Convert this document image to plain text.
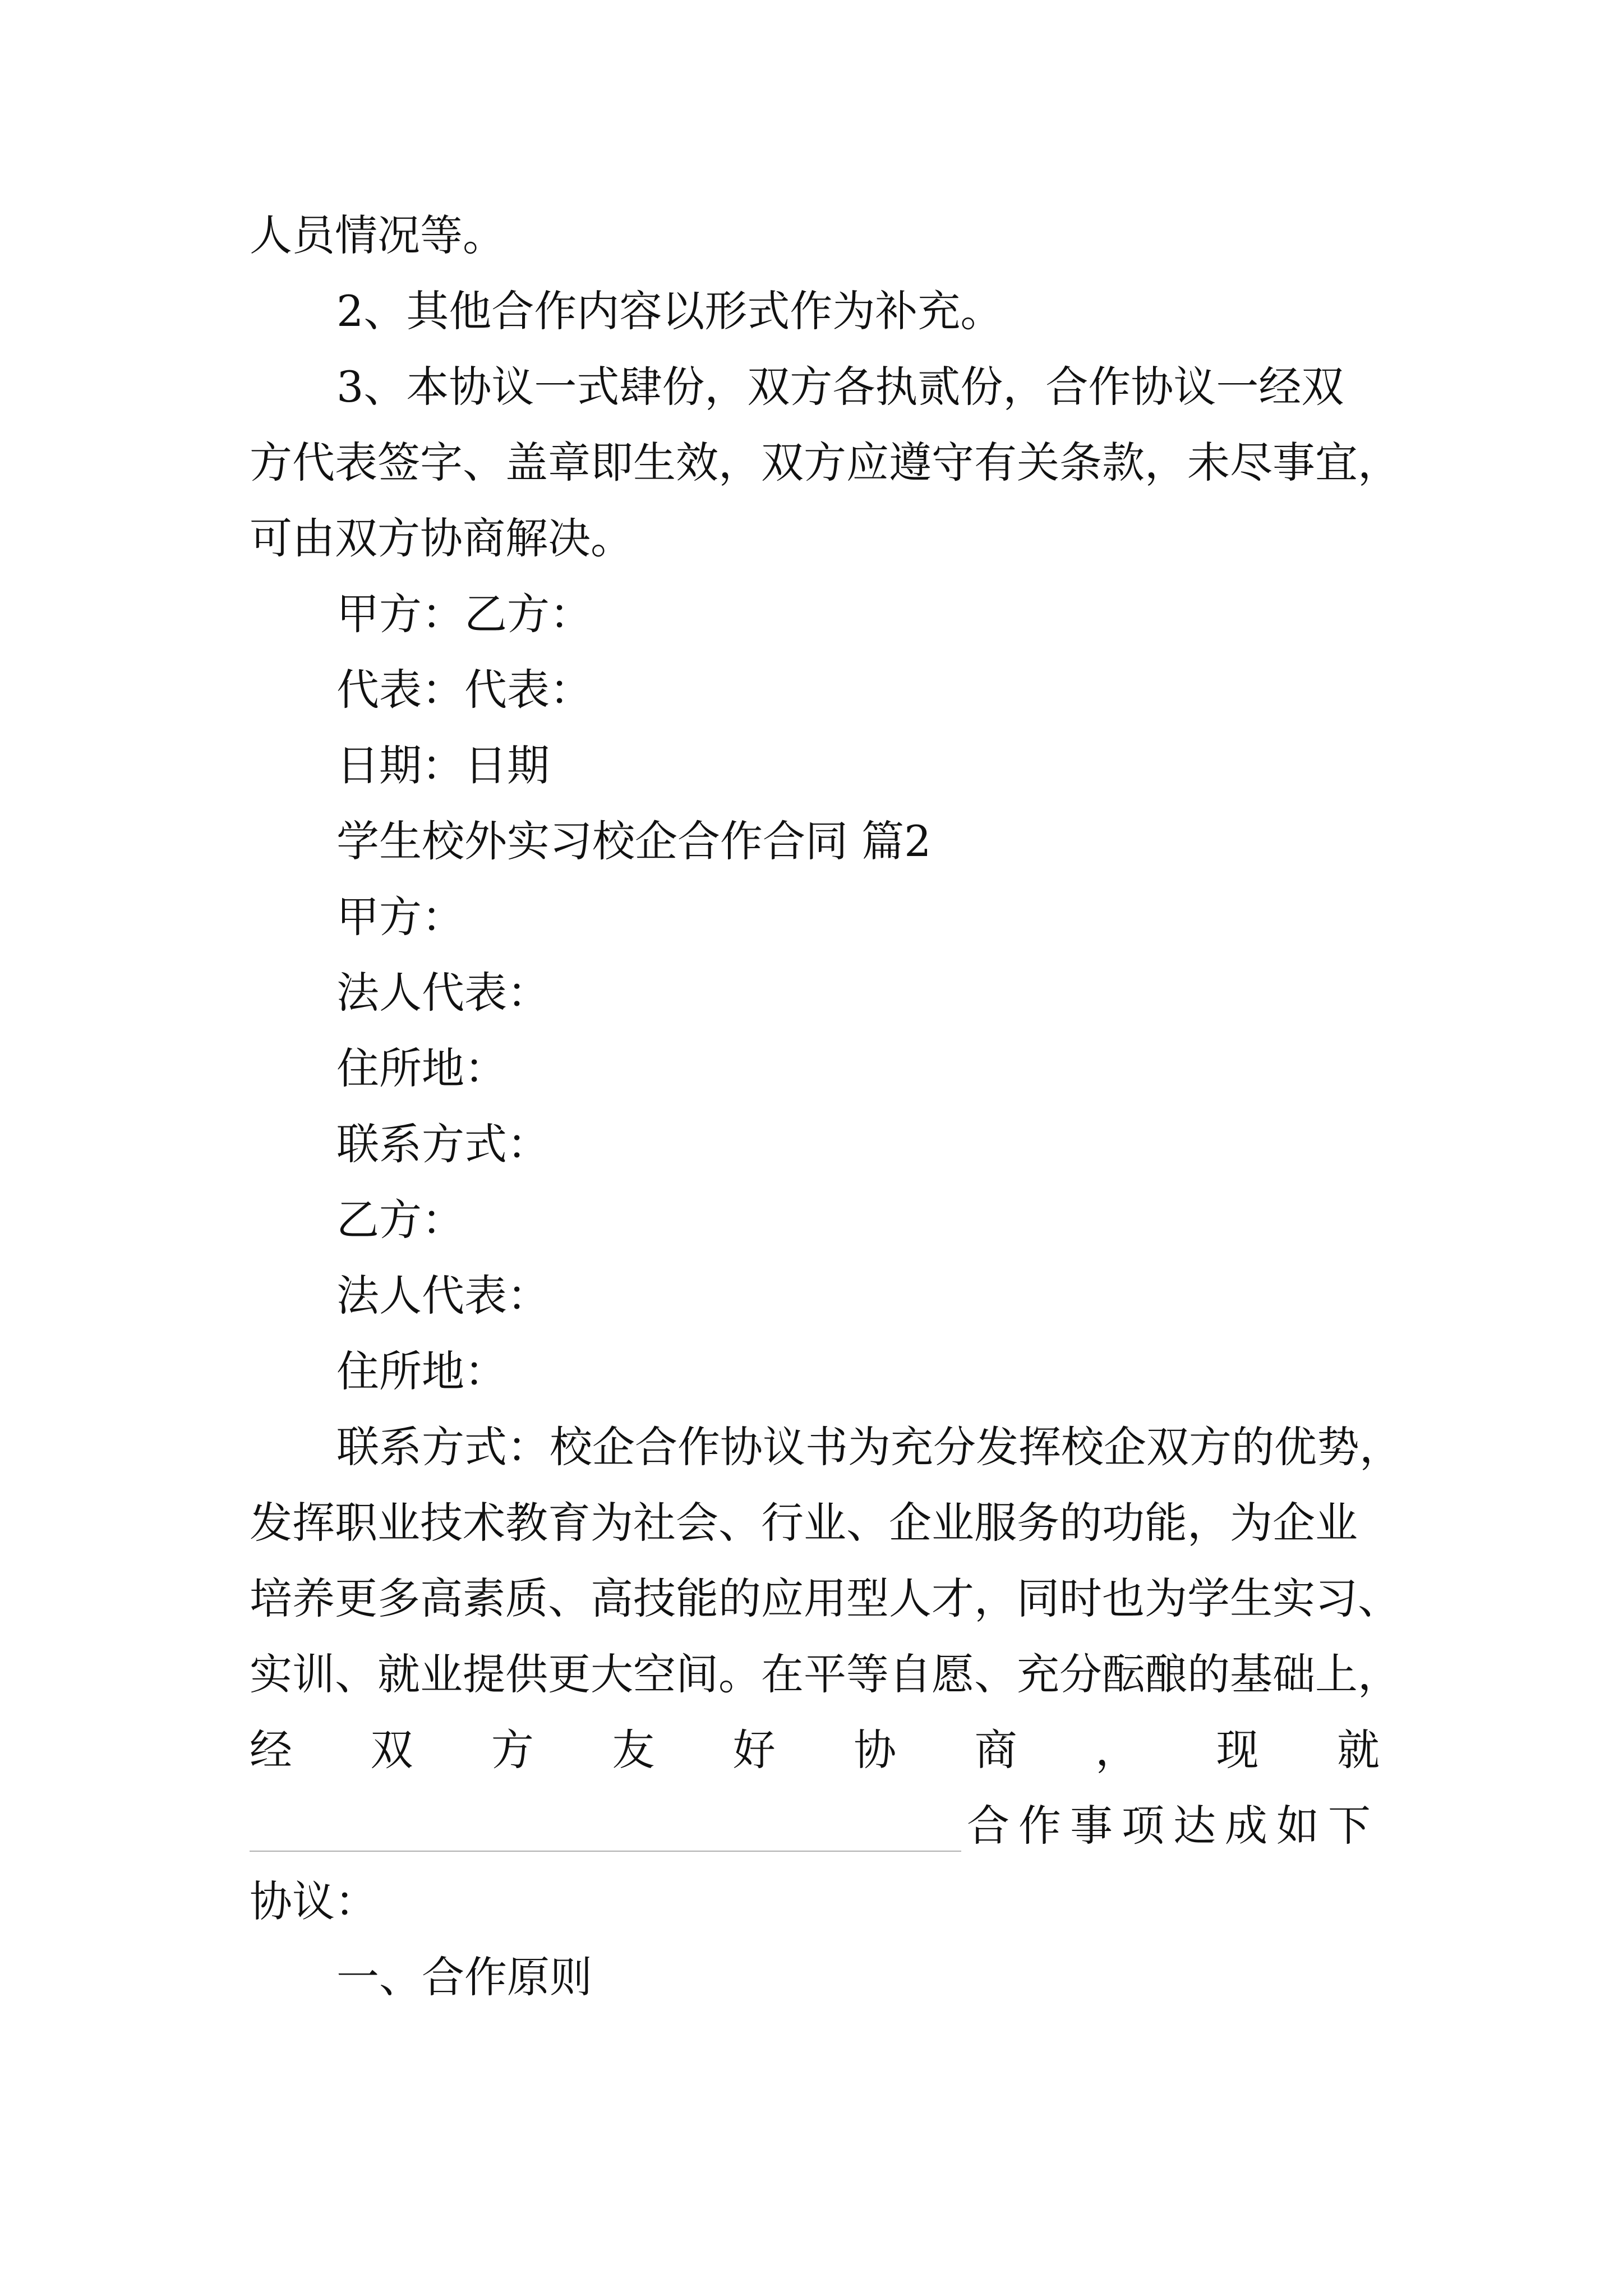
人员情况等。
2、其他合作内容以形式作为补充。
3、本协议一式肆份，双方各执贰份，合作协议一经双
方代表签字、盖章即生效，双方应遵守有关条款，未尽事宜，
可由双方协商解决。
甲方：乙方：
代表：代表：
日期：日期
学生校外实习校企合作合同 篇2
甲方：
法人代表：
住所地：
联系方式：
乙方：
法人代表：
住所地：
联系方式：校企合作协议书为充分发挥校企双方的优势，
发挥职业技术教育为社会、行业、企业服务的功能，为企业
培养更多高素质、高技能的应用型人才，同时也为学生实习、
实训、就业提供更大空间。在平等自愿、充分酝酿的基础上，
经 双 方 友 好 协 商 ， 现 就
合作事项达成如下
协议：
一、合作原则
